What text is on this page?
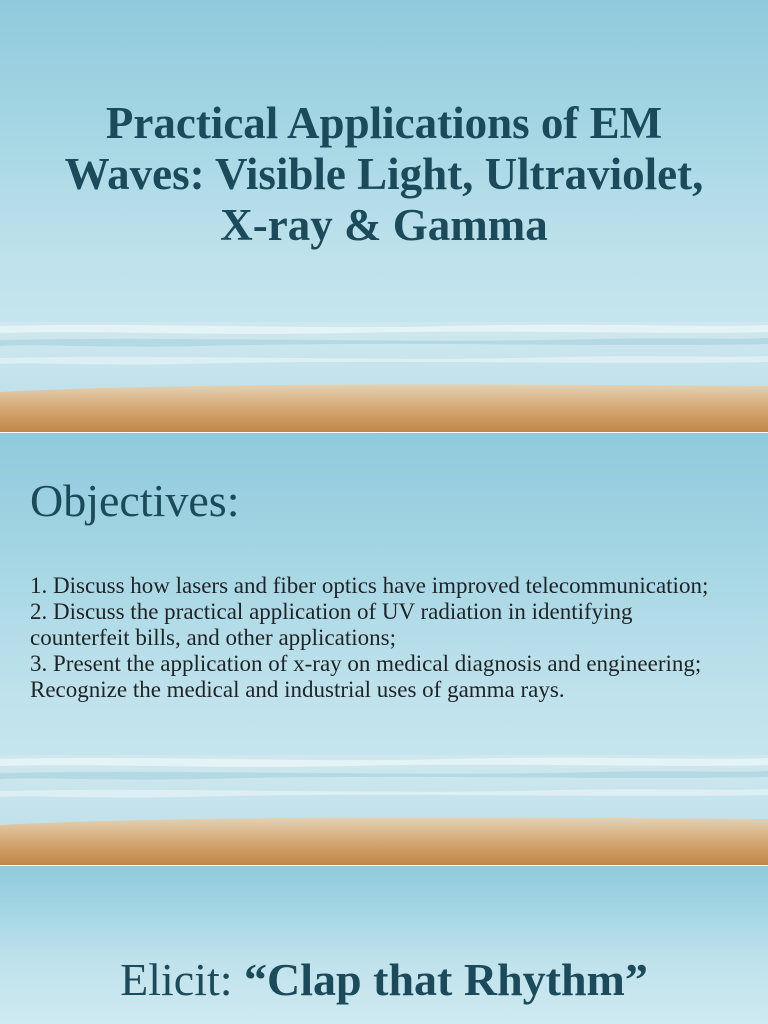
Practical Applications of EM Waves: Visible Light, Ultraviolet, X-ray & Gamma
Objectives:
1. Discuss how lasers and fiber optics have improved telecommunication;
2. Discuss the practical application of UV radiation in identifying counterfeit bills, and other applications;
3. Present the application of x-ray on medical diagnosis and engineering;
Recognize the medical and industrial uses of gamma rays.

Elicit: “Clap that Rhythm”
